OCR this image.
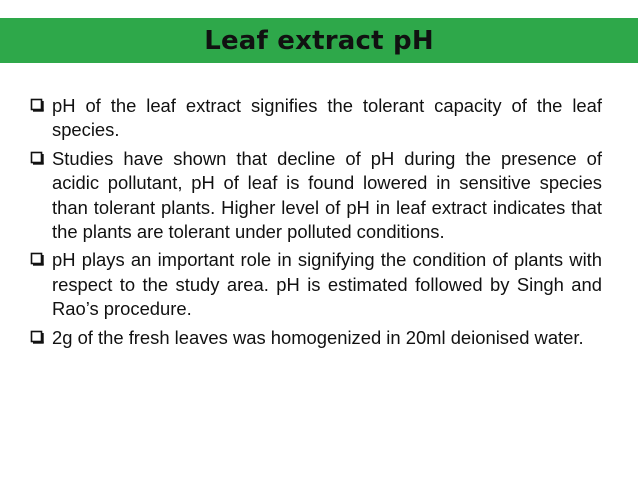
Leaf extract pH
pH of the leaf extract signifies the tolerant capacity of the leaf species.
Studies have shown that decline of pH during the presence of acidic pollutant, pH of leaf is found lowered in sensitive species than tolerant plants. Higher level of pH in leaf extract indicates that the plants are tolerant under polluted conditions.
pH plays an important role in signifying the condition of plants with respect to the study area. pH is estimated followed by Singh and Rao’s procedure.
2g of the fresh leaves was homogenized in 20ml deionised water.
